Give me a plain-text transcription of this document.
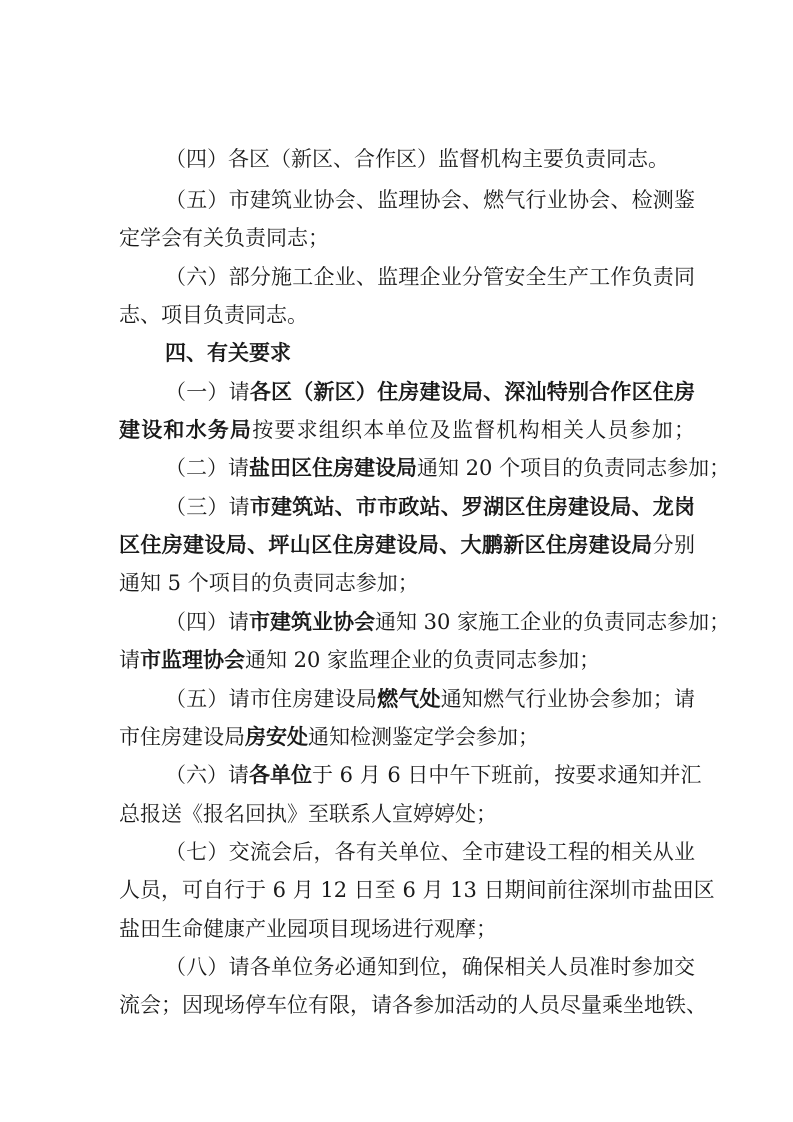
（四）各区（新区、合作区）监督机构主要负责同志。
（五）市建筑业协会、监理协会、燃气行业协会、检测鉴
定学会有关负责同志；
（六）部分施工企业、监理企业分管安全生产工作负责同
志、项目负责同志。
四、有关要求
（一）请各区（新区）住房建设局、深汕特别合作区住房
建设和水务局按要求组织本单位及监督机构相关人员参加；
（二）请盐田区住房建设局通知 20 个项目的负责同志参加；
（三）请市建筑站、市市政站、罗湖区住房建设局、龙岗
区住房建设局、坪山区住房建设局、大鹏新区住房建设局分别
通知 5 个项目的负责同志参加；
（四）请市建筑业协会通知 30 家施工企业的负责同志参加；
请市监理协会通知 20 家监理企业的负责同志参加；
（五）请市住房建设局燃气处通知燃气行业协会参加；请
市住房建设局房安处通知检测鉴定学会参加；
（六）请各单位于 6 月 6 日中午下班前，按要求通知并汇
总报送《报名回执》至联系人宣婷婷处；
（七）交流会后，各有关单位、全市建设工程的相关从业
人员，可自行于 6 月 12 日至 6 月 13 日期间前往深圳市盐田区
盐田生命健康产业园项目现场进行观摩；
（八）请各单位务必通知到位，确保相关人员准时参加交
流会；因现场停车位有限，请各参加活动的人员尽量乘坐地铁、
